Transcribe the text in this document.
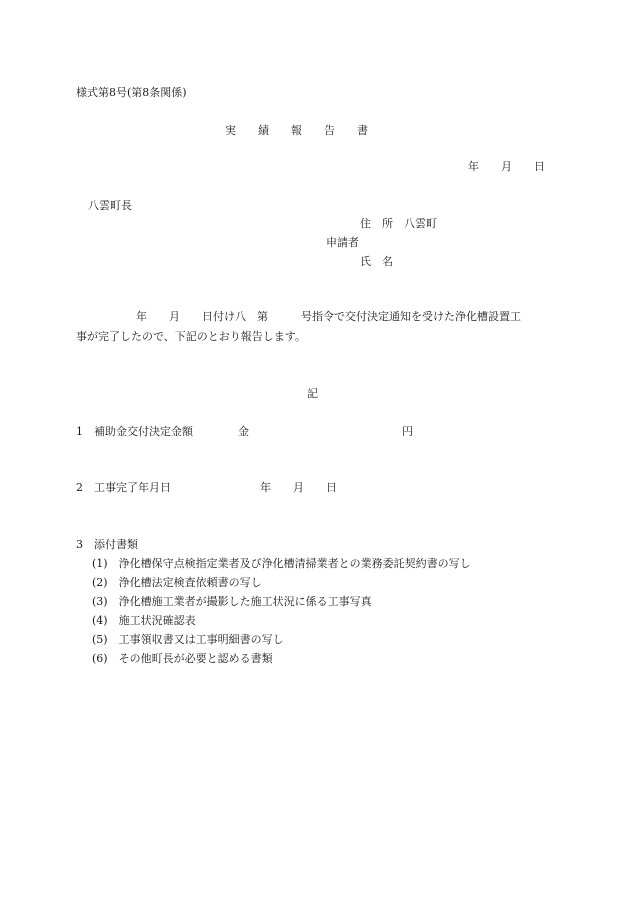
様式第8号(第8条関係)
実　　績　　報　　告　　書
年　　月　　日
八雲町長
住　所　八雲町
申請者
氏　名
年　　月　　日付け八　第　　　号指令で交付決定通知を受けた浄化槽設置工
事が完了したので、下記のとおり報告します。
記
1　補助金交付決定金額	金	円
2　工事完了年月日	年　　月　　日
3　添付書類
(1)　浄化槽保守点検指定業者及び浄化槽清掃業者との業務委託契約書の写し
(2)　浄化槽法定検査依頼書の写し
(3)　浄化槽施工業者が撮影した施工状況に係る工事写真
(4)　施工状況確認表
(5)　工事領収書又は工事明細書の写し
(6)　その他町長が必要と認める書類
